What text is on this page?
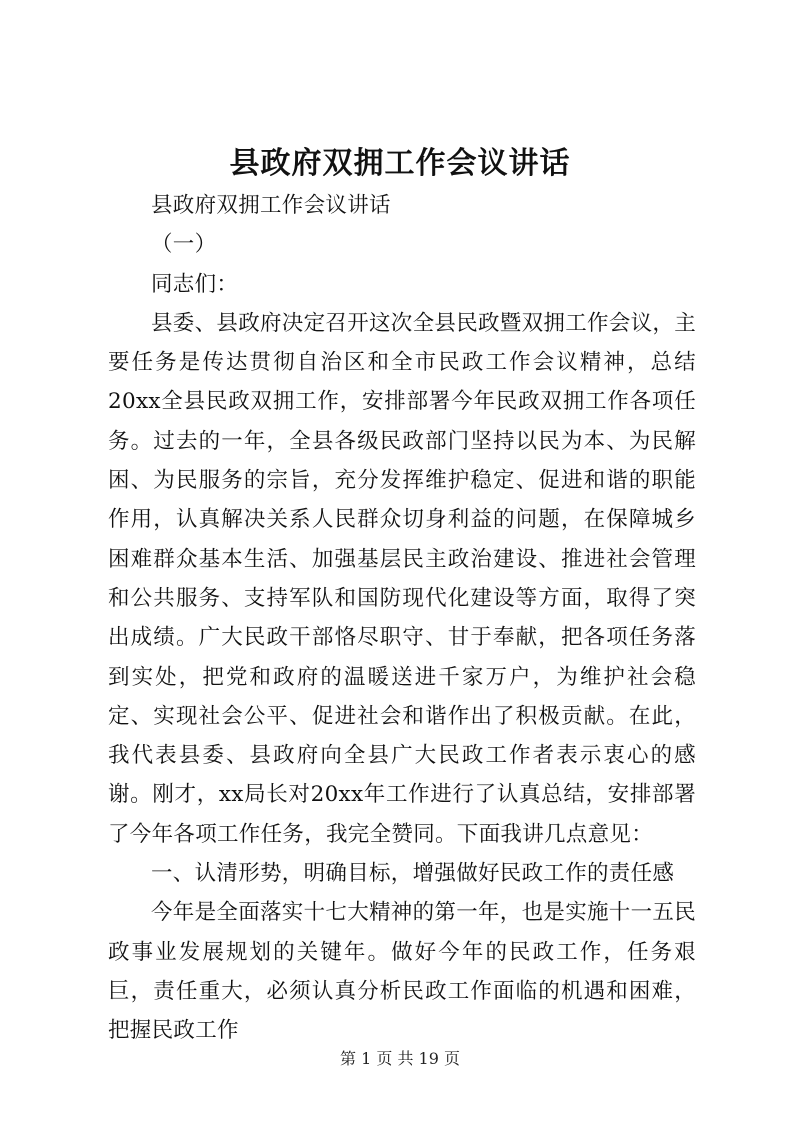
县政府双拥工作会议讲话

县政府双拥工作会议讲话

（一）

同志们：

县委、县政府决定召开这次全县民政暨双拥工作会议，主要任务是传达贯彻自治区和全市民政工作会议精神，总结20xx全县民政双拥工作，安排部署今年民政双拥工作各项任务。过去的一年，全县各级民政部门坚持以民为本、为民解困、为民服务的宗旨，充分发挥维护稳定、促进和谐的职能作用，认真解决关系人民群众切身利益的问题，在保障城乡困难群众基本生活、加强基层民主政治建设、推进社会管理和公共服务、支持军队和国防现代化建设等方面，取得了突出成绩。广大民政干部恪尽职守、甘于奉献，把各项任务落到实处，把党和政府的温暖送进千家万户，为维护社会稳定、实现社会公平、促进社会和谐作出了积极贡献。在此，我代表县委、县政府向全县广大民政工作者表示衷心的感谢。刚才，xx局长对20xx年工作进行了认真总结，安排部署了今年各项工作任务，我完全赞同。下面我讲几点意见：

一、认清形势，明确目标，增强做好民政工作的责任感

今年是全面落实十七大精神的第一年，也是实施十一五民政事业发展规划的关键年。做好今年的民政工作，任务艰巨，责任重大，必须认真分析民政工作面临的机遇和困难，把握民政工作

第 1 页 共 19 页
